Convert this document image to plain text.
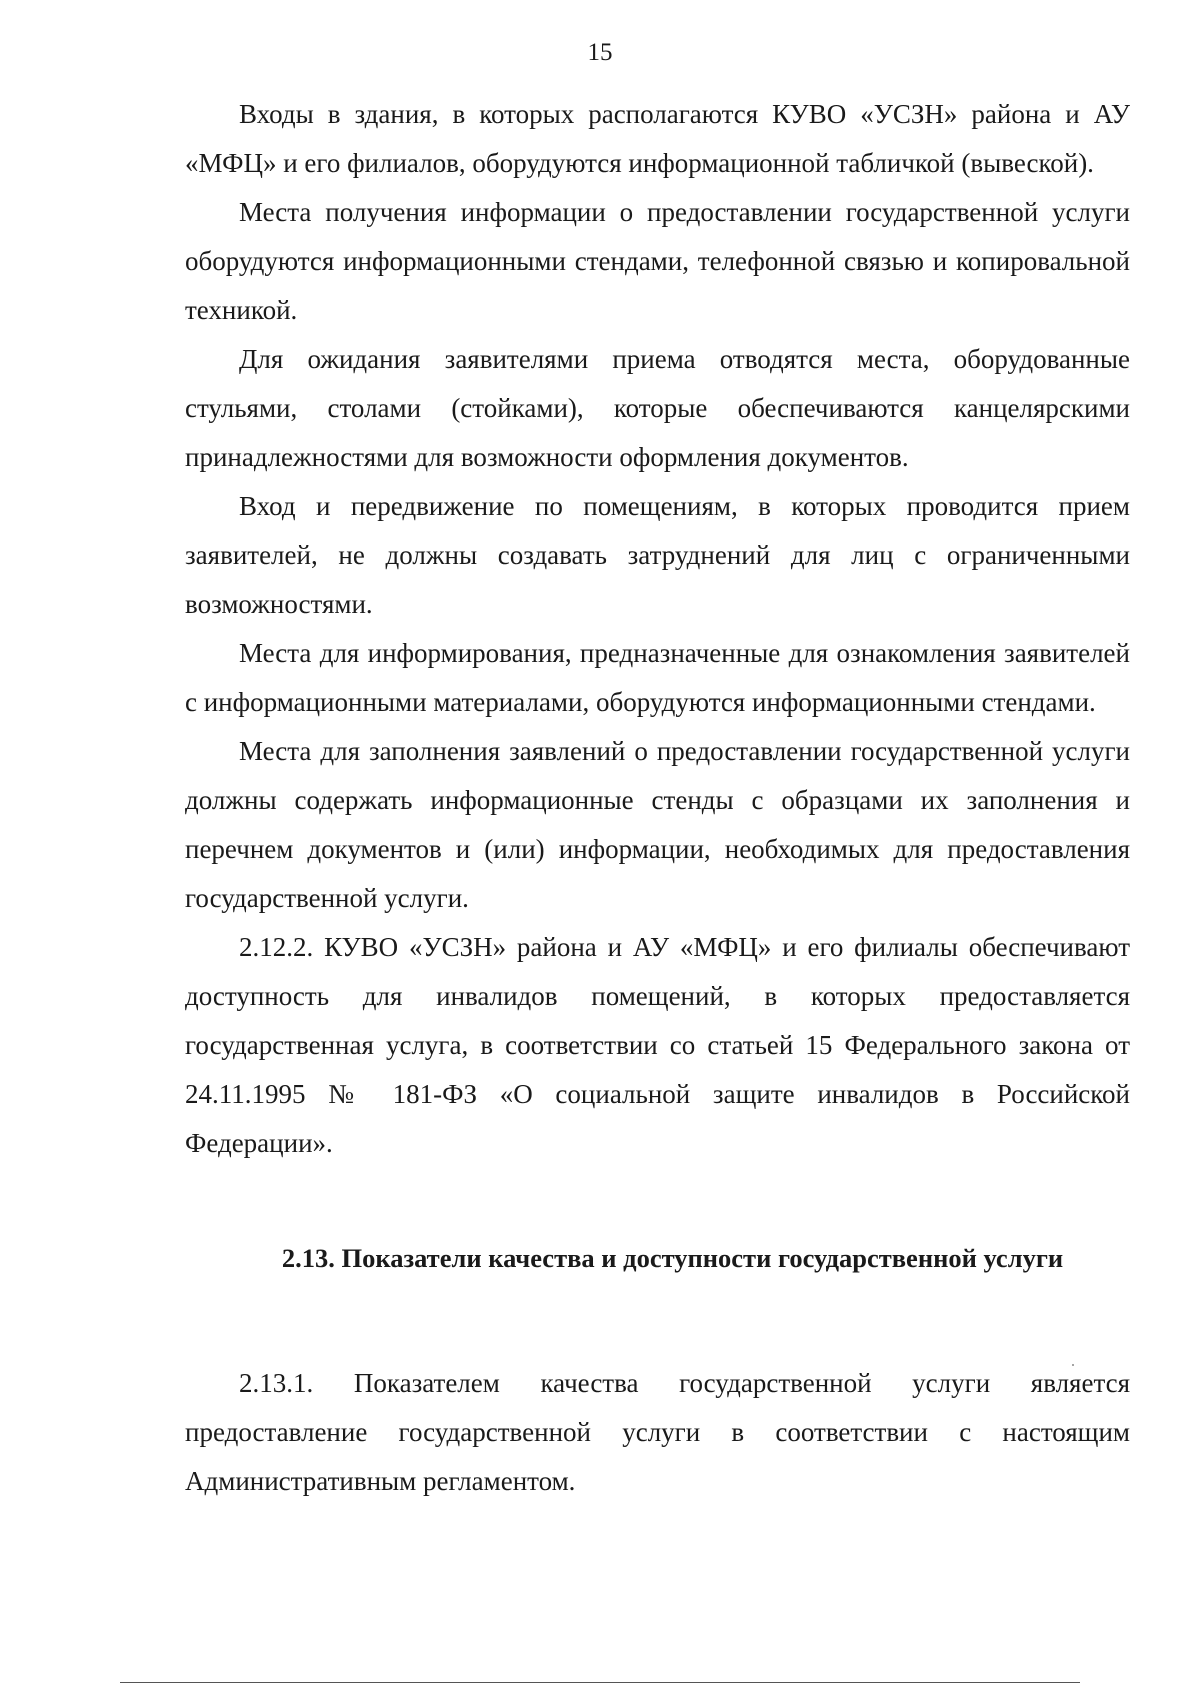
15

Входы в здания, в которых располагаются КУВО «УСЗН» района и АУ «МФЦ» и его филиалов, оборудуются информационной табличкой (вывеской).

Места получения информации о предоставлении государственной услуги оборудуются информационными стендами, телефонной связью и копировальной техникой.

Для ожидания заявителями приема отводятся места, оборудованные стульями, столами (стойками), которые обеспечиваются канцелярскими принадлежностями для возможности оформления документов.

Вход и передвижение по помещениям, в которых проводится прием заявителей, не должны создавать затруднений для лиц с ограниченными возможностями.

Места для информирования, предназначенные для ознакомления заявителей с информационными материалами, оборудуются информационными стендами.

Места для заполнения заявлений о предоставлении государственной услуги должны содержать информационные стенды с образцами их заполнения и перечнем документов и (или) информации, необходимых для предоставления государственной услуги.

2.12.2. КУВО «УСЗН» района и АУ «МФЦ» и его филиалы обеспечивают доступность для инвалидов помещений, в которых предоставляется государственная услуга, в соответствии со статьей 15 Федерального закона от 24.11.1995 № 181-ФЗ «О социальной защите инвалидов в Российской Федерации».

2.13. Показатели качества и доступности государственной услуги

2.13.1. Показателем качества государственной услуги является предоставление государственной услуги в соответствии с настоящим Административным регламентом.
